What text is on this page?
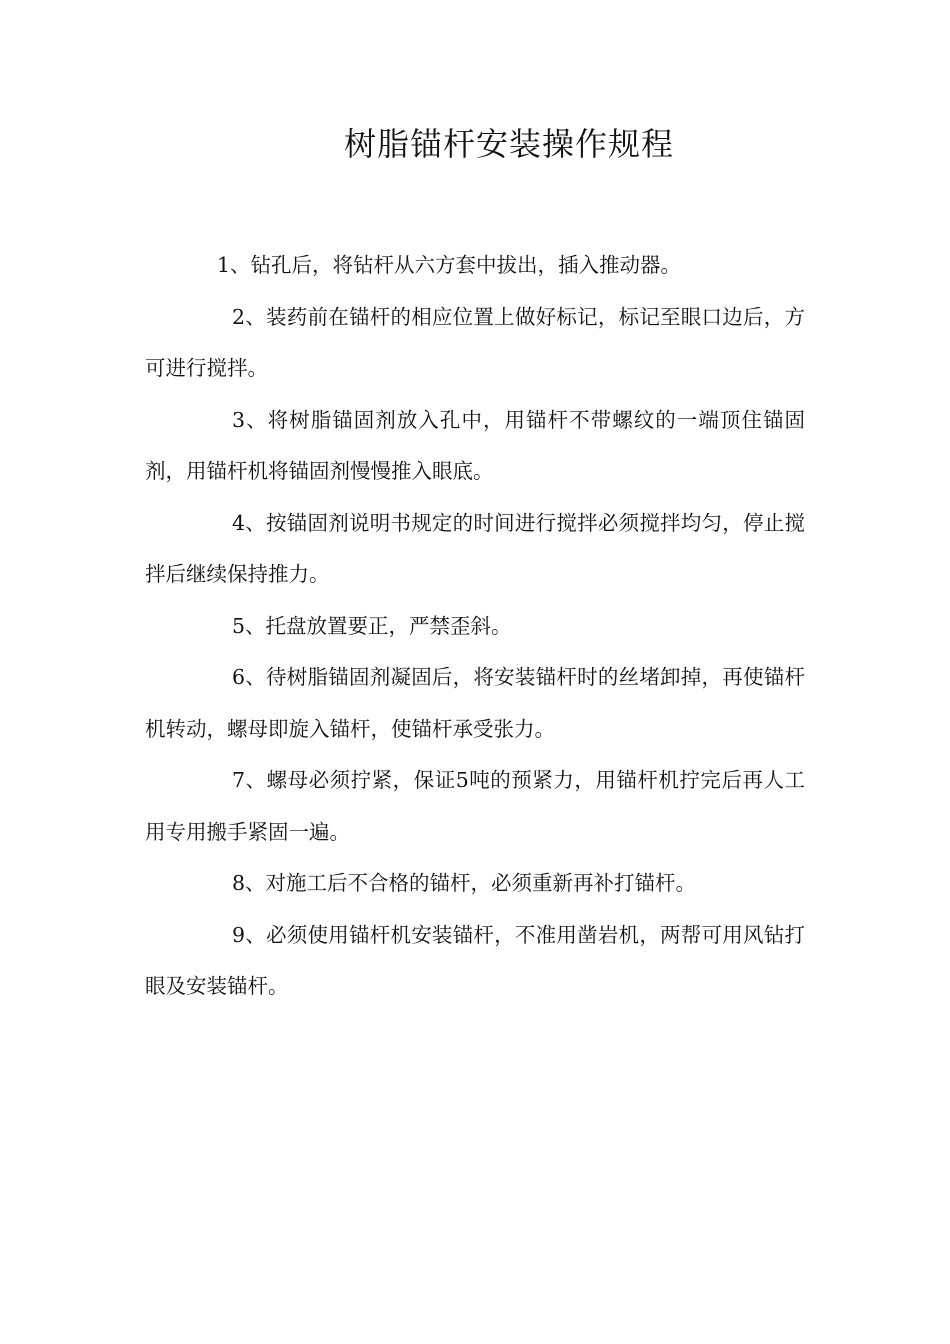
树脂锚杆安装操作规程

1、钻孔后，将钻杆从六方套中拔出，插入推动器。

2、装药前在锚杆的相应位置上做好标记，标记至眼口边后，方可进行搅拌。

3、将树脂锚固剂放入孔中，用锚杆不带螺纹的一端顶住锚固剂，用锚杆机将锚固剂慢慢推入眼底。

4、按锚固剂说明书规定的时间进行搅拌必须搅拌均匀，停止搅拌后继续保持推力。

5、托盘放置要正，严禁歪斜。

6、待树脂锚固剂凝固后，将安装锚杆时的丝堵卸掉，再使锚杆机转动，螺母即旋入锚杆，使锚杆承受张力。

7、螺母必须拧紧，保证5吨的预紧力，用锚杆机拧完后再人工用专用搬手紧固一遍。

8、对施工后不合格的锚杆，必须重新再补打锚杆。

9、必须使用锚杆机安装锚杆，不准用凿岩机，两帮可用风钻打眼及安装锚杆。
